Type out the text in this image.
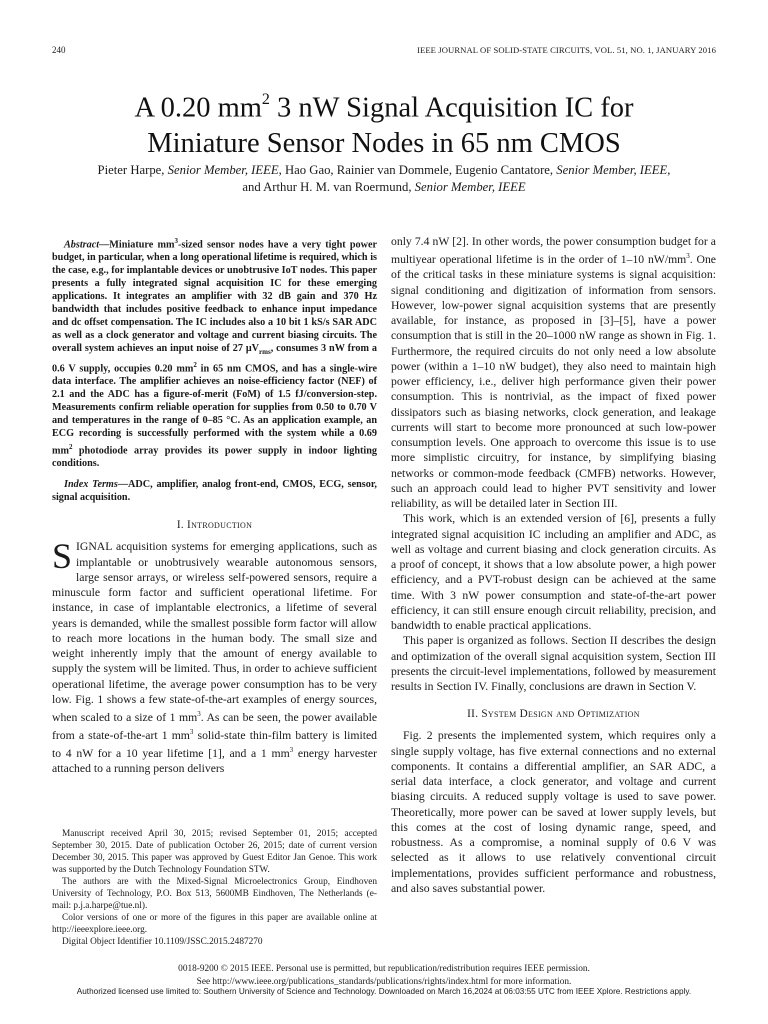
240	IEEE JOURNAL OF SOLID-STATE CIRCUITS, VOL. 51, NO. 1, JANUARY 2016
A 0.20 $mm^2$ 3 nW Signal Acquisition IC for
Miniature Sensor Nodes in 65 nm CMOS
Pieter Harpe, Senior Member, IEEE, Hao Gao, Rainier van Dommele, Eugenio Cantatore, Senior Member, IEEE,
and Arthur H. M. van Roermund, Senior Member, IEEE

Abstract—Miniature $mm^3$-sized sensor nodes have a very tight power budget, in particular, when a long operational lifetime is required, which is the case, e.g., for implantable devices or unobtrusive IoT nodes. This paper presents a fully integrated signal acquisition IC for these emerging applications. It integrates an amplifier with 32 dB gain and 370 Hz bandwidth that includes positive feedback to enhance input impedance and dc offset compensation. The IC includes also a 10 bit 1 kS/s SAR ADC as well as a clock generator and voltage and current biasing circuits. The overall system achieves an input noise of 27 $\mu V_{rms}$, consumes 3 nW from a 0.6 V supply, occupies 0.20 $mm^2$ in 65 nm CMOS, and has a single-wire data interface. The amplifier achieves an noise-efficiency factor (NEF) of 2.1 and the ADC has a figure-of-merit (FoM) of 1.5 fJ/conversion-step. Measurements confirm reliable operation for supplies from 0.50 to 0.70 V and temperatures in the range of 0–85 °C. As an application example, an ECG recording is successfully performed with the system while a 0.69 $mm^2$ photodiode array provides its power supply in indoor lighting conditions.

Index Terms—ADC, amplifier, analog front-end, CMOS, ECG, sensor, signal acquisition.

I. Introduction

SIGNAL acquisition systems for emerging applications, such as implantable or unobtrusively wearable autonomous sensors, large sensor arrays, or wireless self-powered sensors, require a minuscule form factor and sufficient operational lifetime. For instance, in case of implantable electronics, a lifetime of several years is demanded, while the smallest possible form factor will allow to reach more locations in the human body. The small size and weight inherently imply that the amount of energy available to supply the system will be limited. Thus, in order to achieve sufficient operational lifetime, the average power consumption has to be very low. Fig. 1 shows a few state-of-the-art examples of energy sources, when scaled to a size of 1 $mm^3$. As can be seen, the power available from a state-of-the-art 1 $mm^3$ solid-state thin-film battery is limited to 4 nW for a 10 year lifetime [1], and a 1 $mm^3$ energy harvester attached to a running person delivers

Manuscript received April 30, 2015; revised September 01, 2015; accepted September 30, 2015. Date of publication October 26, 2015; date of current version December 30, 2015. This paper was approved by Guest Editor Jan Genoe. This work was supported by the Dutch Technology Foundation STW.

The authors are with the Mixed-Signal Microelectronics Group, Eindhoven University of Technology, P.O. Box 513, 5600MB Eindhoven, The Netherlands (e-mail: p.j.a.harpe@tue.nl).

Color versions of one or more of the figures in this paper are available online at http://ieeexplore.ieee.org.

Digital Object Identifier 10.1109/JSSC.2015.2487270

only 7.4 nW [2]. In other words, the power consumption budget for a multiyear operational lifetime is in the order of 1–10 $nW/mm^3$. One of the critical tasks in these miniature systems is signal acquisition: signal conditioning and digitization of information from sensors. However, low-power signal acquisition systems that are presently available, for instance, as proposed in [3]–[5], have a power consumption that is still in the 20–1000 nW range as shown in Fig. 1. Furthermore, the required circuits do not only need a low absolute power (within a 1–10 nW budget), they also need to maintain high power efficiency, i.e., deliver high performance given their power consumption. This is nontrivial, as the impact of fixed power dissipators such as biasing networks, clock generation, and leakage currents will start to become more pronounced at such low-power consumption levels. One approach to overcome this issue is to use more simplistic circuitry, for instance, by simplifying biasing networks or common-mode feedback (CMFB) networks. However, such an approach could lead to higher PVT sensitivity and lower reliability, as will be detailed later in Section III.

This work, which is an extended version of [6], presents a fully integrated signal acquisition IC including an amplifier and ADC, as well as voltage and current biasing and clock generation circuits. As a proof of concept, it shows that a low absolute power, a high power efficiency, and a PVT-robust design can be achieved at the same time. With 3 nW power consumption and state-of-the-art power efficiency, it can still ensure enough circuit reliability, precision, and bandwidth to enable practical applications.

This paper is organized as follows. Section II describes the design and optimization of the overall signal acquisition system, Section III presents the circuit-level implementations, followed by measurement results in Section IV. Finally, conclusions are drawn in Section V.

II. System Design and Optimization

Fig. 2 presents the implemented system, which requires only a single supply voltage, has five external connections and no external components. It contains a differential amplifier, an SAR ADC, a serial data interface, a clock generator, and voltage and current biasing circuits. A reduced supply voltage is used to save power. Theoretically, more power can be saved at lower supply levels, but this comes at the cost of losing dynamic range, speed, and robustness. As a compromise, a nominal supply of 0.6 V was selected as it allows to use relatively conventional circuit implementations, provides sufficient performance and robustness, and also saves substantial power.

0018-9200 © 2015 IEEE. Personal use is permitted, but republication/redistribution requires IEEE permission.
See http://www.ieee.org/publications_standards/publications/rights/index.html for more information.
Authorized licensed use limited to: Southern University of Science and Technology. Downloaded on March 16,2024 at 06:03:55 UTC from IEEE Xplore. Restrictions apply.
